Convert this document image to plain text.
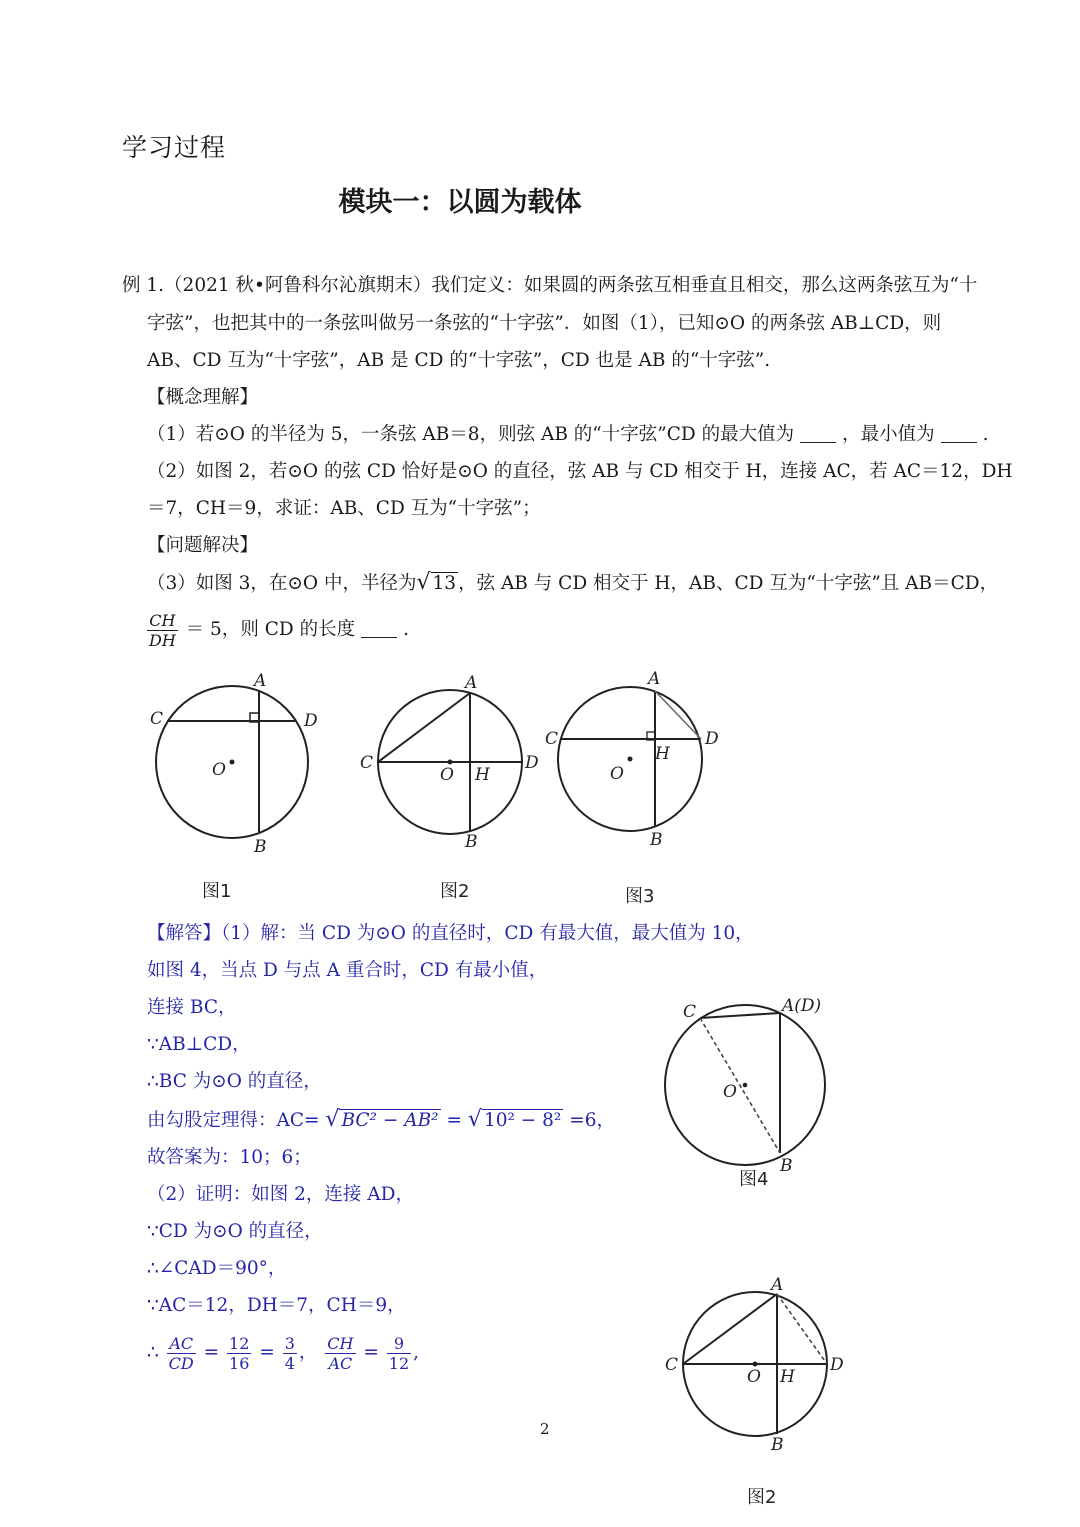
学习过程
模块一：以圆为载体
例 1.（2021 秋•阿鲁科尔沁旗期末）我们定义：如果圆的两条弦互相垂直且相交，那么这两条弦互为“十
字弦”，也把其中的一条弦叫做另一条弦的“十字弦”．如图（1），已知⊙O 的两条弦 AB⊥CD，则
AB、CD 互为“十字弦”，AB 是 CD 的“十字弦”，CD 也是 AB 的“十字弦”.
【概念理解】
（1）若⊙O 的半径为 5，一条弦 AB＝8，则弦 AB 的“十字弦”CD 的最大值为	，最小值为	.
（2）如图 2，若⊙O 的弦 CD 恰好是⊙O 的直径，弦 AB 与 CD 相交于 H，连接 AC，若 AC＝12，DH
＝7，CH＝9，求证：AB、CD 互为“十字弦”；
【问题解决】
（3）如图 3，在⊙O 中，半径为√ 13 ，弦 AB 与 CD 相交于 H，AB、CD 互为“十字弦”且 AB＝CD，
$\frac{CH}{DH} = 5$，则 CD 的长度	.
A
C	D
O
B
图1
A
C	D
O H
B
图2
A
C	D
O
H
B
图3
【解答】（1）解：当 CD 为⊙O 的直径时，CD 有最大值，最大值为 10，
如图 4，当点 D 与点 A 重合时，CD 有最小值，
连接 BC，
∵AB⊥CD，
∴BC 为⊙O 的直径，
由勾股定理得：AC= √ BC² − AB² = √ 10² − 8² =6，
故答案为：10；6；
（2）证明：如图 2，连接 AD，
∵CD 为⊙O 的直径，
∴∠CAD＝90°，
∵AC＝12，DH＝7，CH＝9，
∴ $\frac{AC}{CD} = \frac{12}{16} = \frac{3}{4}$ ， $\frac{CH}{AC} = \frac{9}{12}$ ,
C	A(D)
O
B
图4
A
C	D
O H
B
图2
2
